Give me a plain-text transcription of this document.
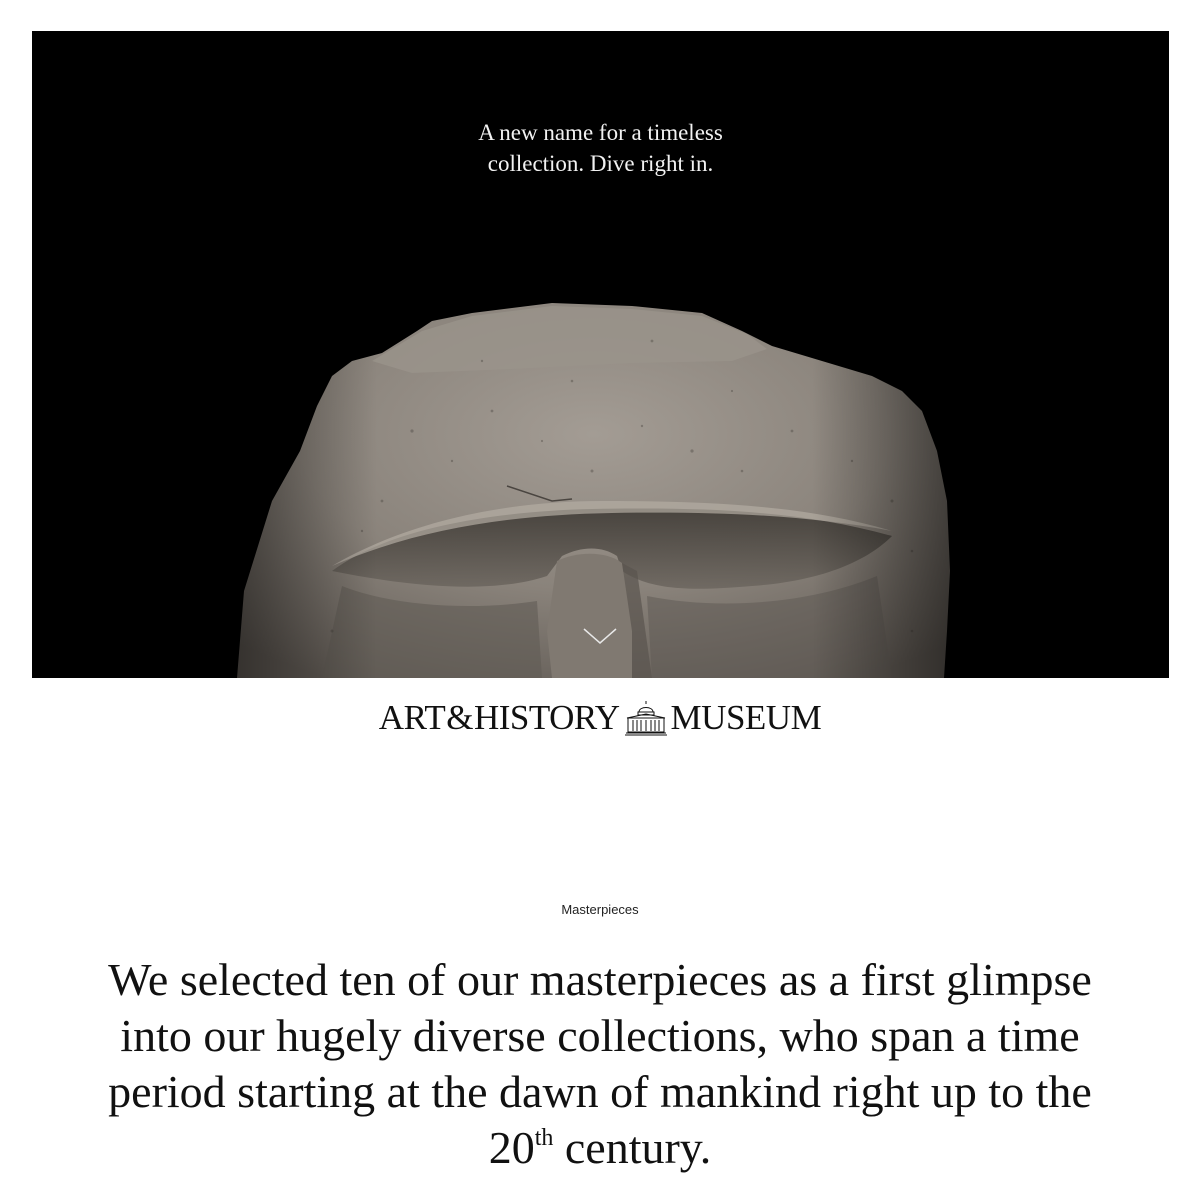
A new name for a timeless
collection. Dive right in.
ART & HISTORY MUSEUM
Masterpieces
We selected ten of our masterpieces as a first glimpse into our hugely diverse collections, who span a time period starting at the dawn of mankind right up to the 20th century.
